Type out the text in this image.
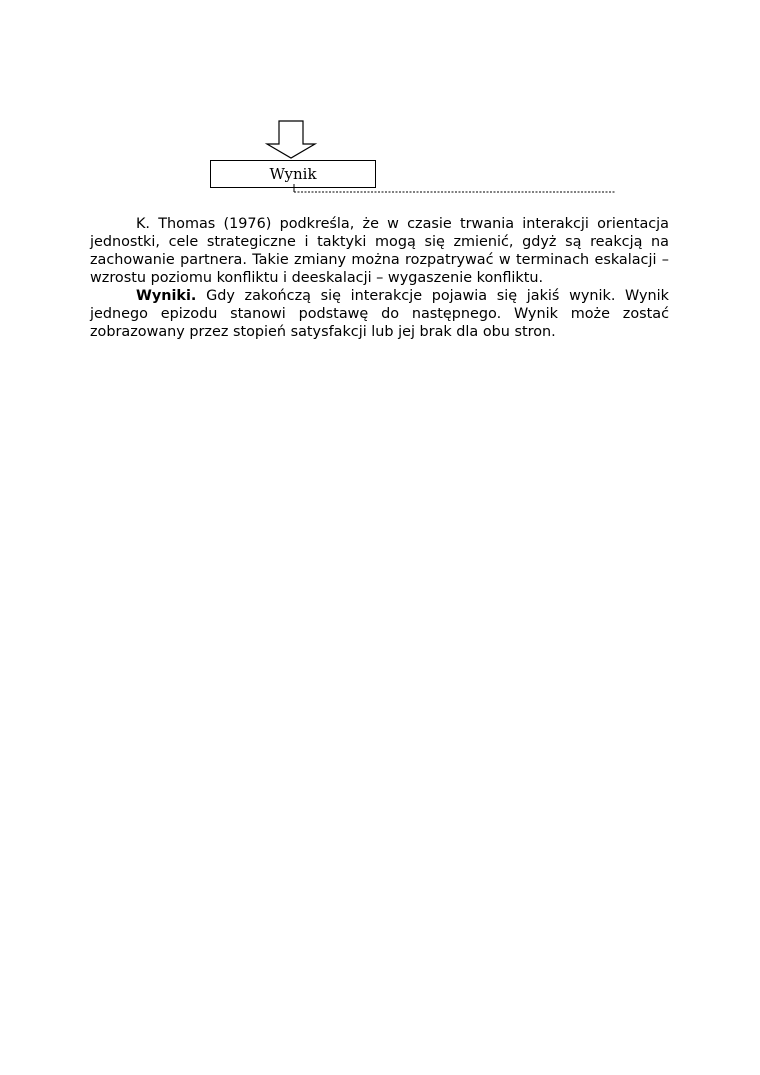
Wynik

K. Thomas (1976) podkreśla, że w czasie trwania interakcji orientacja jednostki, cele strategiczne i taktyki mogą się zmienić, gdyż są reakcją na zachowanie partnera. Takie zmiany można rozpatrywać w terminach eskalacji – wzrostu poziomu konfliktu i deeskalacji – wygaszenie konfliktu.

Wyniki. Gdy zakończą się interakcje pojawia się jakiś wynik. Wynik jednego epizodu stanowi podstawę do następnego. Wynik może zostać zobrazowany przez stopień satysfakcji lub jej brak dla obu stron.
